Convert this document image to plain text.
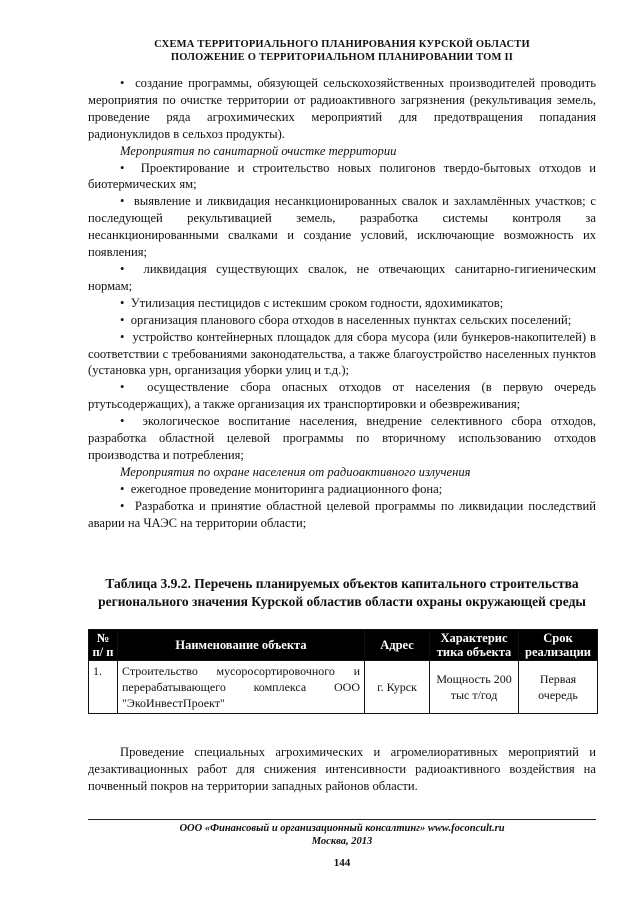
СХЕМА ТЕРРИТОРИАЛЬНОГО ПЛАНИРОВАНИЯ КУРСКОЙ ОБЛАСТИ
ПОЛОЖЕНИЕ О ТЕРРИТОРИАЛЬНОМ ПЛАНИРОВАНИИ ТОМ II

•  создание программы, обязующей сельскохозяйственных производителей проводить мероприятия по очистке территории от радиоактивного загрязнения (рекультивация земель, проведение ряда агрохимических мероприятий для предотвращения попадания радионуклидов в сельхоз продукты).

Мероприятия по санитарной очистке территории

•  Проектирование и строительство новых полигонов твердо-бытовых отходов и биотермических ям;

•  выявление и ликвидация несанкционированных свалок и захламлённых участков; с последующей рекультивацией земель, разработка системы контроля за несанкционированными свалками и создание условий, исключающие возможность их появления;

•  ликвидация существующих свалок, не отвечающих санитарно-гигиеническим нормам;

•  Утилизация пестицидов с истекшим сроком годности, ядохимикатов;

•  организация планового сбора отходов в населенных пунктах сельских поселений;

•  устройство контейнерных площадок для сбора мусора (или бункеров-накопителей) в соответствии с требованиями законодательства, а также благоустройство населенных пунктов (установка урн, организация уборки улиц и т.д.);

•  осуществление сбора опасных отходов от населения (в первую очередь ртутьсодержащих), а также организация их транспортировки и обезвреживания;

•  экологическое воспитание населения, внедрение селективного сбора отходов, разработка областной целевой программы по вторичному использованию отходов производства и потребления;

Мероприятия по охране населения от радиоактивного излучения

•  ежегодное проведение мониторинга радиационного фона;

•  Разработка и принятие областной целевой программы по ликвидации последствий аварии на ЧАЭС на территории области;

Таблица 3.9.2. Перечень планируемых объектов капитального строительства
регионального значения Курской областив области охраны окружающей среды
№ п/ п	Наименование объекта	Адрес	Характерис тика объекта	Срок реализации
1.	Строительство мусоросортировочного и перерабатывающего комплекса ООО "ЭкоИнвестПроект"	г. Курск	Мощность 200 тыс т/год	Первая очередь

Проведение специальных агрохимических и агромелиоративных мероприятий и дезактивационных работ для снижения интенсивности радиоактивного воздействия на почвенный покров на территории западных районов области.

ООО «Финансовый и организационный консалтинг» www.foconcult.ru
Москва, 2013
144
